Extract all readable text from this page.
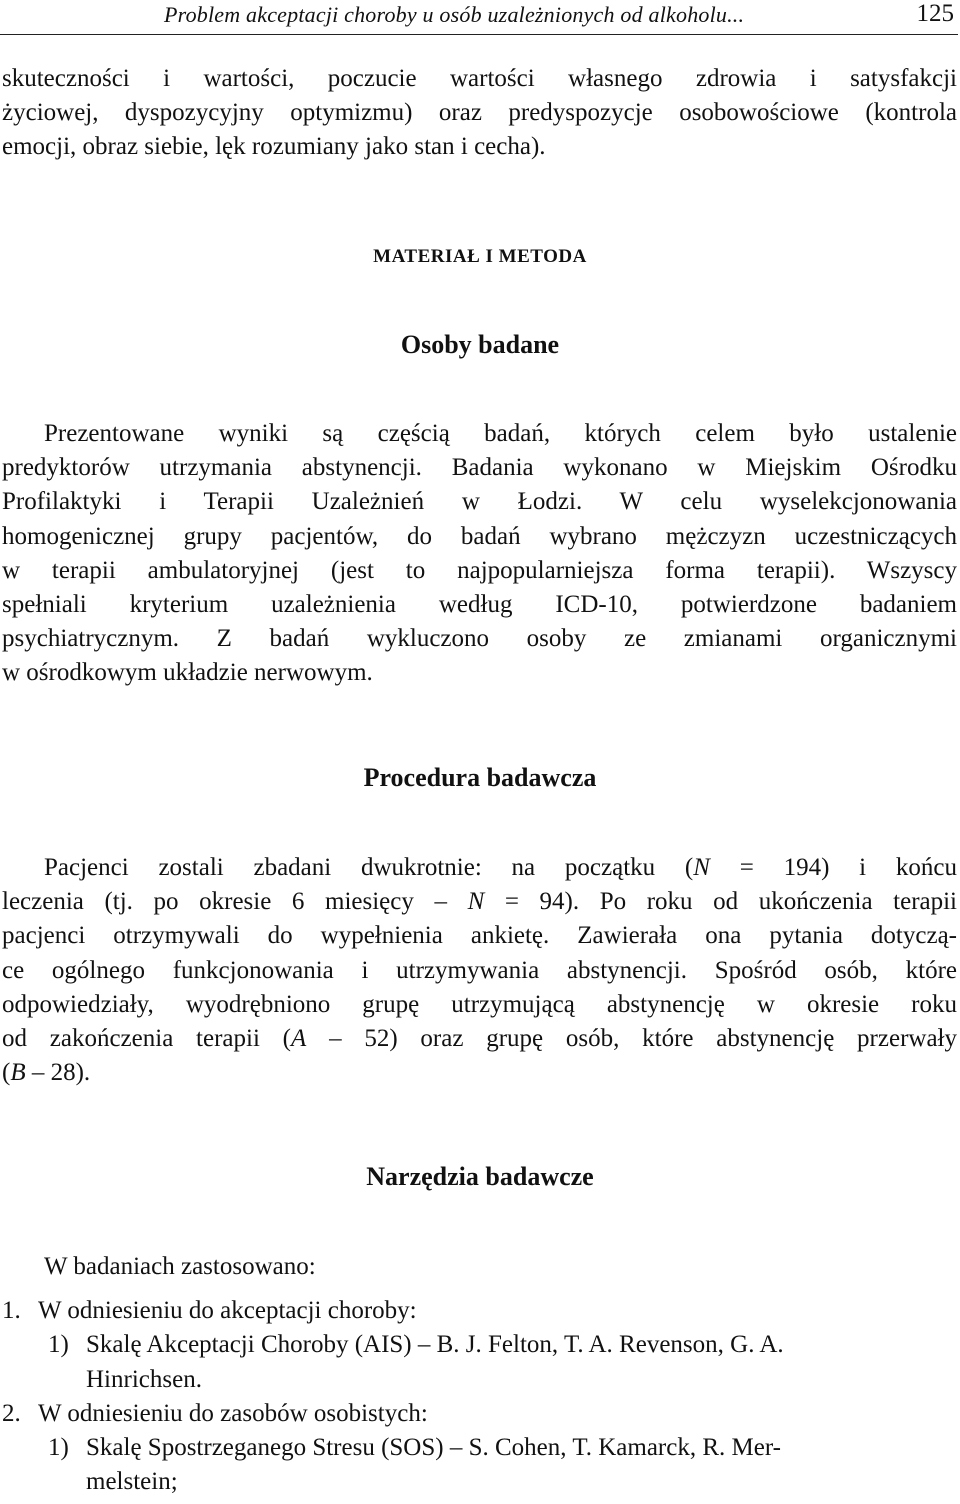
Problem akceptacji choroby u osób uzależnionych od alkoholu...	125
skuteczności i wartości, poczucie wartości własnego zdrowia i satysfakcji
życiowej, dyspozycyjny optymizmu) oraz predyspozycje osobowościowe (kontrola
emocji, obraz siebie, lęk rozumiany jako stan i cecha).
MATERIAŁ I METODA
Osoby badane
Prezentowane wyniki są częścią badań, których celem było ustalenie
predyktorów utrzymania abstynencji. Badania wykonano w Miejskim Ośrodku
Profilaktyki i Terapii Uzależnień w Łodzi. W celu wyselekcjonowania
homogenicznej grupy pacjentów, do badań wybrano mężczyzn uczestniczących
w terapii ambulatoryjnej (jest to najpopularniejsza forma terapii). Wszyscy
spełniali kryterium uzależnienia według ICD-10, potwierdzone badaniem
psychiatrycznym. Z badań wykluczono osoby ze zmianami organicznymi
w ośrodkowym układzie nerwowym.
Procedura badawcza
Pacjenci zostali zbadani dwukrotnie: na początku (N = 194) i końcu
leczenia (tj. po okresie 6 miesięcy – N = 94). Po roku od ukończenia terapii
pacjenci otrzymywali do wypełnienia ankietę. Zawierała ona pytania dotyczą-
ce ogólnego funkcjonowania i utrzymywania abstynencji. Spośród osób, które
odpowiedziały, wyodrębniono grupę utrzymującą abstynencję w okresie roku
od zakończenia terapii (A – 52) oraz grupę osób, które abstynencję przerwały
(B – 28).
Narzędzia badawcze
W badaniach zastosowano:
1. W odniesieniu do akceptacji choroby:
1) Skalę Akceptacji Choroby (AIS) – B. J. Felton, T. A. Revenson, G. A.
Hinrichsen.
2. W odniesieniu do zasobów osobistych:
1) Skalę Spostrzeganego Stresu (SOS) – S. Cohen, T. Kamarck, R. Mer-
melstein;
